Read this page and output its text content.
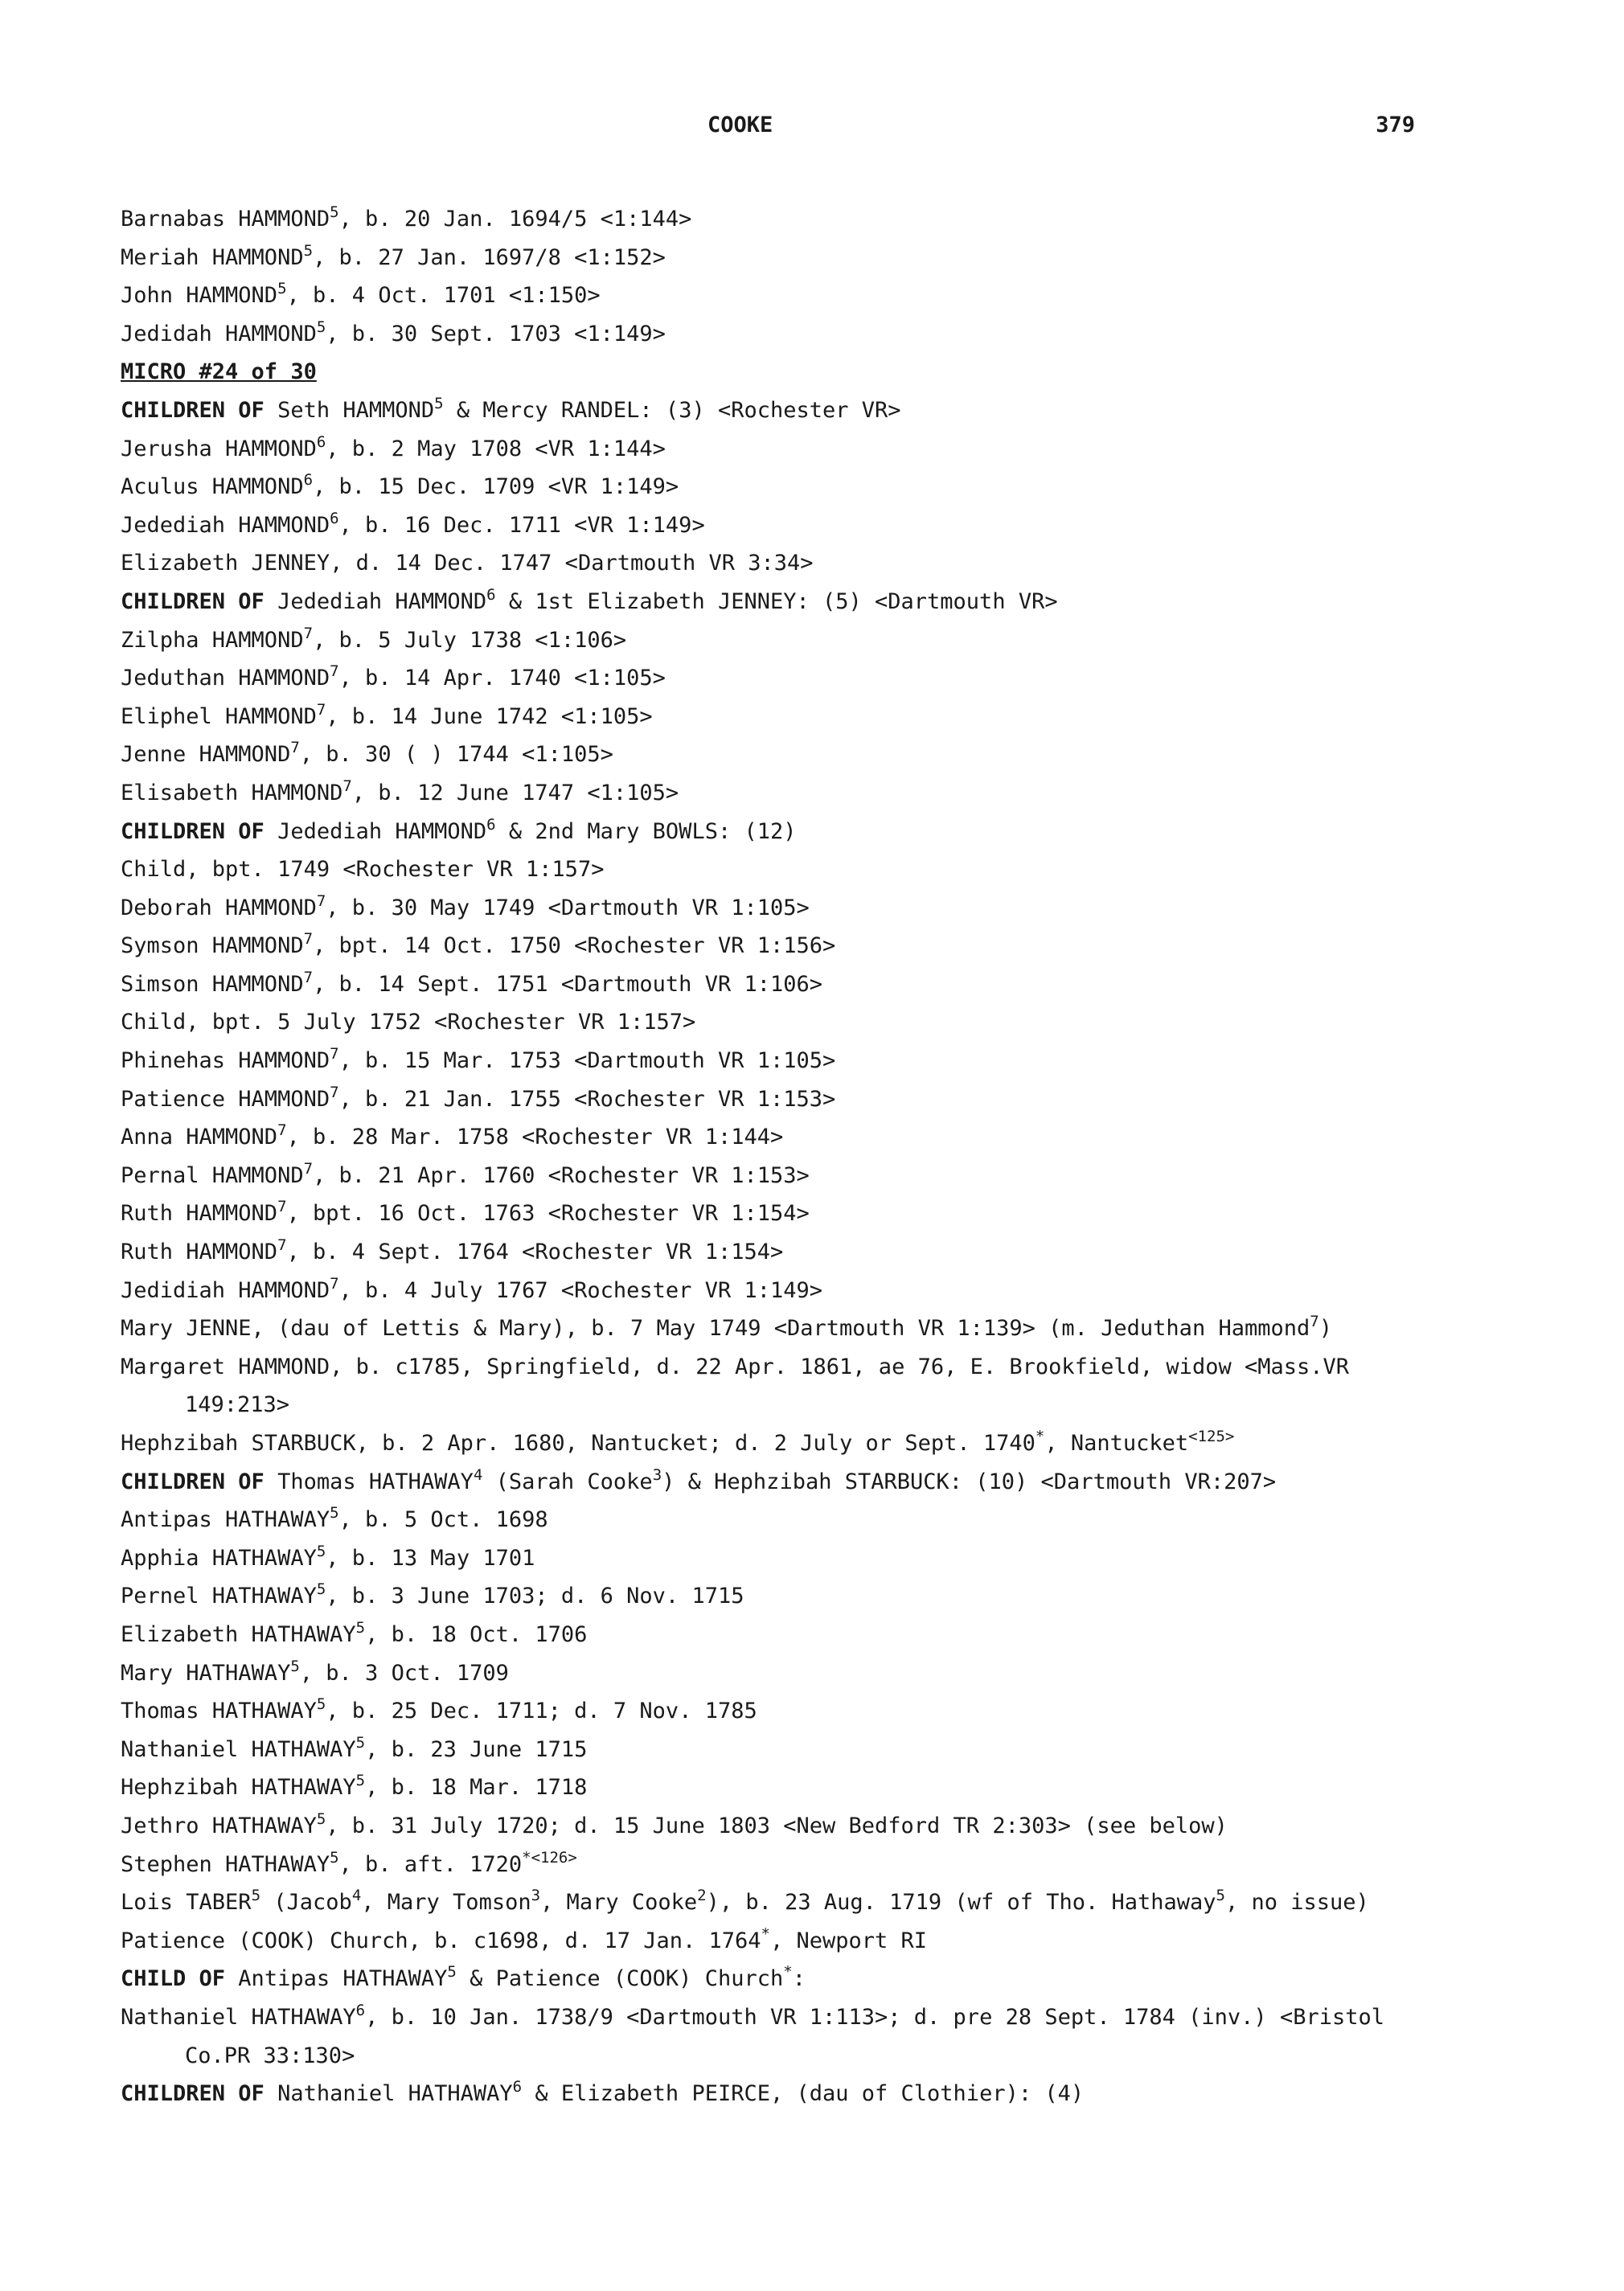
COOKE	379
Barnabas HAMMOND$^5$, b. 20 Jan. 1694/5 <1:144>
Meriah HAMMOND$^5$, b. 27 Jan. 1697/8 <1:152>
John HAMMOND$^5$, b. 4 Oct. 1701 <1:150>
Jedidah HAMMOND$^5$, b. 30 Sept. 1703 <1:149>
MICRO #24 of 30
CHILDREN OF Seth HAMMOND$^5$ & Mercy RANDEL: (3) <Rochester VR>
Jerusha HAMMOND$^6$, b. 2 May 1708 <VR 1:144>
Aculus HAMMOND$^6$, b. 15 Dec. 1709 <VR 1:149>
Jedediah HAMMOND$^6$, b. 16 Dec. 1711 <VR 1:149>
Elizabeth JENNEY, d. 14 Dec. 1747 <Dartmouth VR 3:34>
CHILDREN OF Jedediah HAMMOND$^6$ & 1st Elizabeth JENNEY: (5) <Dartmouth VR>
Zilpha HAMMOND$^7$, b. 5 July 1738 <1:106>
Jeduthan HAMMOND$^7$, b. 14 Apr. 1740 <1:105>
Eliphel HAMMOND$^7$, b. 14 June 1742 <1:105>
Jenne HAMMOND$^7$, b. 30 ( ) 1744 <1:105>
Elisabeth HAMMOND$^7$, b. 12 June 1747 <1:105>
CHILDREN OF Jedediah HAMMOND$^6$ & 2nd Mary BOWLS: (12)
Child, bpt. 1749 <Rochester VR 1:157>
Deborah HAMMOND$^7$, b. 30 May 1749 <Dartmouth VR 1:105>
Symson HAMMOND$^7$, bpt. 14 Oct. 1750 <Rochester VR 1:156>
Simson HAMMOND$^7$, b. 14 Sept. 1751 <Dartmouth VR 1:106>
Child, bpt. 5 July 1752 <Rochester VR 1:157>
Phinehas HAMMOND$^7$, b. 15 Mar. 1753 <Dartmouth VR 1:105>
Patience HAMMOND$^7$, b. 21 Jan. 1755 <Rochester VR 1:153>
Anna HAMMOND$^7$, b. 28 Mar. 1758 <Rochester VR 1:144>
Pernal HAMMOND$^7$, b. 21 Apr. 1760 <Rochester VR 1:153>
Ruth HAMMOND$^7$, bpt. 16 Oct. 1763 <Rochester VR 1:154>
Ruth HAMMOND$^7$, b. 4 Sept. 1764 <Rochester VR 1:154>
Jedidiah HAMMOND$^7$, b. 4 July 1767 <Rochester VR 1:149>
Mary JENNE, (dau of Lettis & Mary), b. 7 May 1749 <Dartmouth VR 1:139> (m. Jeduthan Hammond$^7$)
Margaret HAMMOND, b. c1785, Springfield, d. 22 Apr. 1861, ae 76, E. Brookfield, widow <Mass.VR 149:213>
Hephzibah STARBUCK, b. 2 Apr. 1680, Nantucket; d. 2 July or Sept. 1740*, Nantucket$^{<125>}$
CHILDREN OF Thomas HATHAWAY$^4$ (Sarah Cooke$^3$) & Hephzibah STARBUCK: (10) <Dartmouth VR:207>
Antipas HATHAWAY$^5$, b. 5 Oct. 1698
Apphia HATHAWAY$^5$, b. 13 May 1701
Pernel HATHAWAY$^5$, b. 3 June 1703; d. 6 Nov. 1715
Elizabeth HATHAWAY$^5$, b. 18 Oct. 1706
Mary HATHAWAY$^5$, b. 3 Oct. 1709
Thomas HATHAWAY$^5$, b. 25 Dec. 1711; d. 7 Nov. 1785
Nathaniel HATHAWAY$^5$, b. 23 June 1715
Hephzibah HATHAWAY$^5$, b. 18 Mar. 1718
Jethro HATHAWAY$^5$, b. 31 July 1720; d. 15 June 1803 <New Bedford TR 2:303> (see below)
Stephen HATHAWAY$^5$, b. aft. $1720^{*<126>}$
Lois TABER$^5$ (Jacob$^4$, Mary Tomson$^3$, Mary Cooke$^2$), b. 23 Aug. 1719 (wf of Tho. Hathaway$^5$, no issue)
Patience (COOK) Church, b. c1698, d. 17 Jan. 1764*, Newport RI
CHILD OF Antipas HATHAWAY$^5$ & Patience (COOK) Church*:
Nathaniel HATHAWAY$^6$, b. 10 Jan. 1738/9 <Dartmouth VR 1:113>; d. pre 28 Sept. 1784 (inv.) <Bristol Co.PR 33:130>
CHILDREN OF Nathaniel HATHAWAY$^6$ & Elizabeth PEIRCE, (dau of Clothier): (4)
